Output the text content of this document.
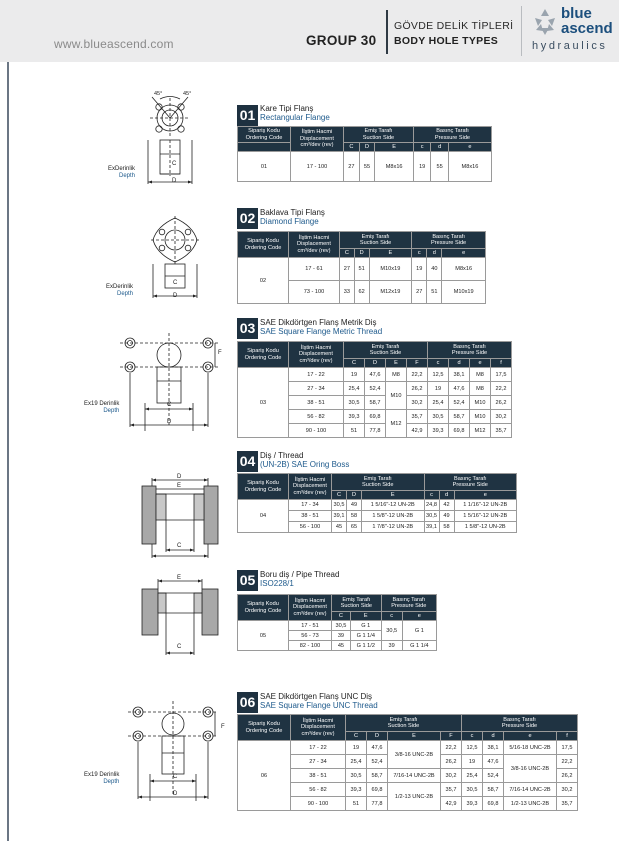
www.blueascend.com	GROUP 30
GÖVDE DELİK TİPLERİ
BODY HOLE TYPES
blue
ascend
hydraulics
45°	45°
C
D
ExDerinlik
Depth
01 Kare Tipi Flanş
Rectangular Flange
Sipariş Kodu
Ordering Code	İlştim Hacmi
Displacement
cm³/dev (rev)	Emiş Tarafı
Suction Side			Basınç Tarafı
Pressure Side		

		C	D	E	c	d	e
01	17 - 100	27	55	M8x16	19	55	M8x16
C
D
ExDerinlik
Depth
02 Baklava Tipi Flanş
Diamond Flange
Sipariş Kodu
Ordering Code	İlştim Hacmi
Displacement
cm³/dev (rev)	Emiş Tarafı
Suction Side			Basınç Tarafı
Pressure Side		
		C	D	E	c	d	e
02	17 - 61	27	51	M10x19	19	40	M8x16
	73 - 100	33	62	M12x19	27	51	M10x19
F
C
D
Ex19 Derinlik
Depth
03 SAE Dikdörtgen Flanş Metrik Diş
SAE Square Flange Metric Thread
Sipariş Kodu
Ordering Code	İlştim Hacmi
Displacement
cm³/dev (rev)	Emiş Tarafı
Suction Side				Basınç Tarafı
Pressure Side			
		C	D	E	F	c	d	e	f
03	17 - 22	19	47,6	M8	22,2	12,5	38,1	M8	17,5
	27 - 34	25,4	52,4	M10	26,2	19	47,6	M8	22,2
	38 - 51	30,5	58,7		30,2	25,4	52,4	M10	26,2
	56 - 82	39,3	69,8	M12	35,7	30,5	58,7	M10	30,2
	90 - 100	51	77,8		42,9	39,3	69,8	M12	35,7
D
E
C
04 Diş / Thread
(UN-2B) SAE Oring Boss
Sipariş Kodu
Ordering Code	İlştim Hacmi
Displacement
cm³/dev (rev)	Emiş Tarafı
Suction Side			Basınç Tarafı
Pressure Side		
		C	D	E	c	d	e
04	17 - 34	30,5	49	1 5/16"-12 UN-2B	24,8	42	1 1/16"-12 UN-2B
	38 - 51	39,1	58	1 5/8"-12 UN-2B	30,5	49	1 5/16"-12 UN-2B
	56 - 100	45	65	1 7/8"-12 UN-2B	39,1	58	1 5/8"-12 UN-2B
E
C
05 Boru diş / Pipe Thread
ISO228/1
Sipariş Kodu
Ordering Code	İlştim Hacmi
Displacement
cm³/dev (rev)	Emiş Tarafı
Suction Side		Basınç Tarafı
Pressure Side	
		C	E	c	e
05	17 - 51	30,5	G 1	30,5	G 1
	56 - 73	39	G 1 1/4		
	82 - 100	45	G 1 1/2	39	G 1 1/4
F
C
D
Ex19 Derinlik
Depth
06 SAE Dikdörtgen Flanş UNC Diş
SAE Square Flange UNC Thread
Sipariş Kodu
Ordering Code	İlştim Hacmi
Displacement
cm³/dev (rev)	Emiş Tarafı
Suction Side				Basınç Tarafı
Pressure Side			
		C	D	E	F	c	d	e	f
06	17 - 22	19	47,6	3/8-16 UNC-2B	22,2	12,5	38,1	5/16-18 UNC-2B	17,5
	27 - 34	25,4	52,4		26,2	19	47,6	3/8-16 UNC-2B	22,2
	38 - 51	30,5	58,7	7/16-14 UNC-2B	30,2	25,4	52,4		26,2
	56 - 82	39,3	69,8	1/2-13 UNC-2B	35,7	30,5	58,7	7/16-14 UNC-2B	30,2
	90 - 100	51	77,8		42,9	39,3	69,8	1/2-13 UNC-2B	35,7
